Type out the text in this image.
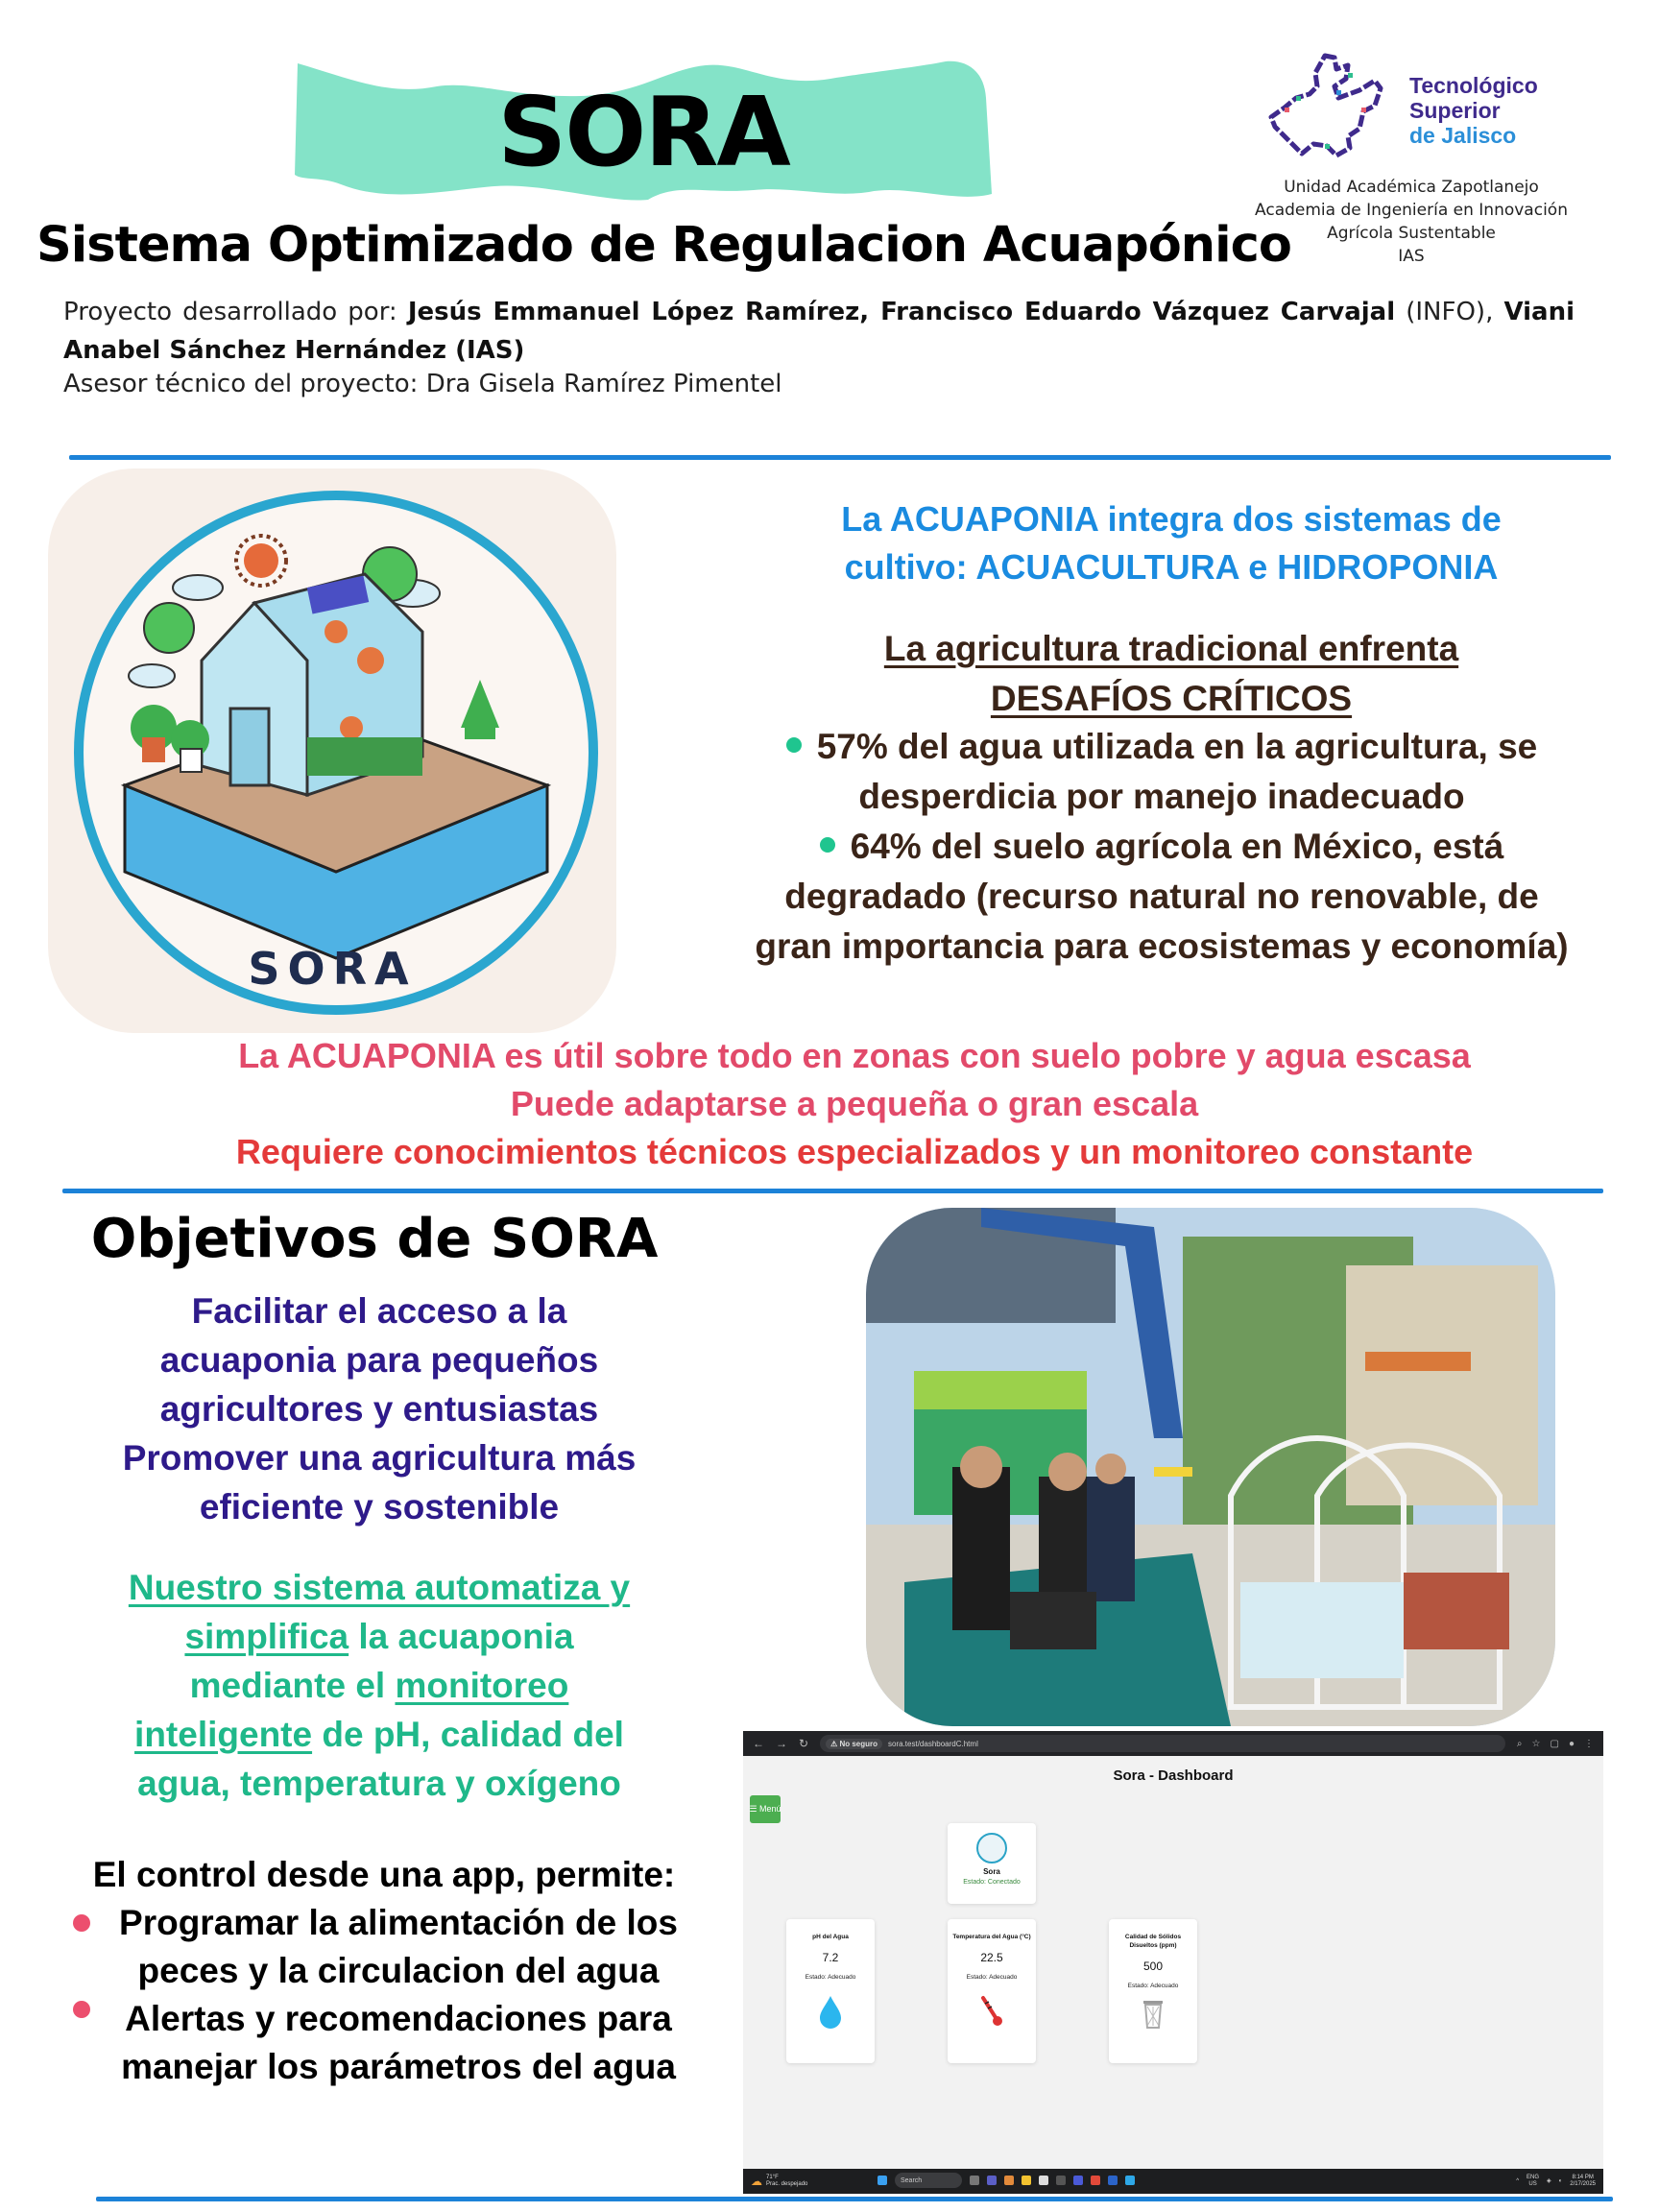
SORA
Sistema Optimizado de Regulacion Acuapónico
Proyecto desarrollado por: Jesús Emmanuel López Ramírez, Francisco Eduardo Vázquez Carvajal (INFO), Viani Anabel Sánchez Hernández (IAS)
Asesor técnico del proyecto: Dra Gisela Ramírez Pimentel
Tecnológico
Superior
de Jalisco
Unidad Académica Zapotlanejo
Academia de Ingeniería en Innovación
Agrícola Sustentable
IAS
SORA
La ACUAPONIA integra dos sistemas de
cultivo: ACUACULTURA e HIDROPONIA
La agricultura tradicional enfrenta
DESAFÍOS CRÍTICOS
57% del agua utilizada en la agricultura, se
desperdicia por manejo inadecuado
64% del suelo agrícola en México, está
degradado (recurso natural no renovable, de
gran importancia para ecosistemas y economía)
La ACUAPONIA es útil sobre todo en zonas con suelo pobre y agua escasa
Puede adaptarse a pequeña o gran escala
Requiere conocimientos técnicos especializados y un monitoreo constante
Objetivos de SORA
Facilitar el acceso a la
acuaponia para pequeños
agricultores y entusiastas
Promover una agricultura más
eficiente y sostenible
Nuestro sistema automatiza y
simplifica la acuaponia
mediante el monitoreo
inteligente de pH, calidad del
agua, temperatura y oxígeno
El control desde una app, permite:
Programar la alimentación de los
peces y la circulacion del agua
Alertas y recomendaciones para
manejar los parámetros del agua
← → ↻	⚠ No seguro	sora.test/dashboardC.html	⌕ ☆ ▢ ● ⋮
Sora - Dashboard
☰ Menú
Sora
Estado: Conectado
pH del Agua
7.2
Estado: Adecuado
Temperatura del Agua (°C)
22.5
Estado: Adecuado
Calidad de Sólidos Disueltos (ppm)
500
Estado: Adecuado
☁ 71°F
Prac. despejado
Search	^
ENG
US
◈ ◐
8:14 PM
2/17/2025
